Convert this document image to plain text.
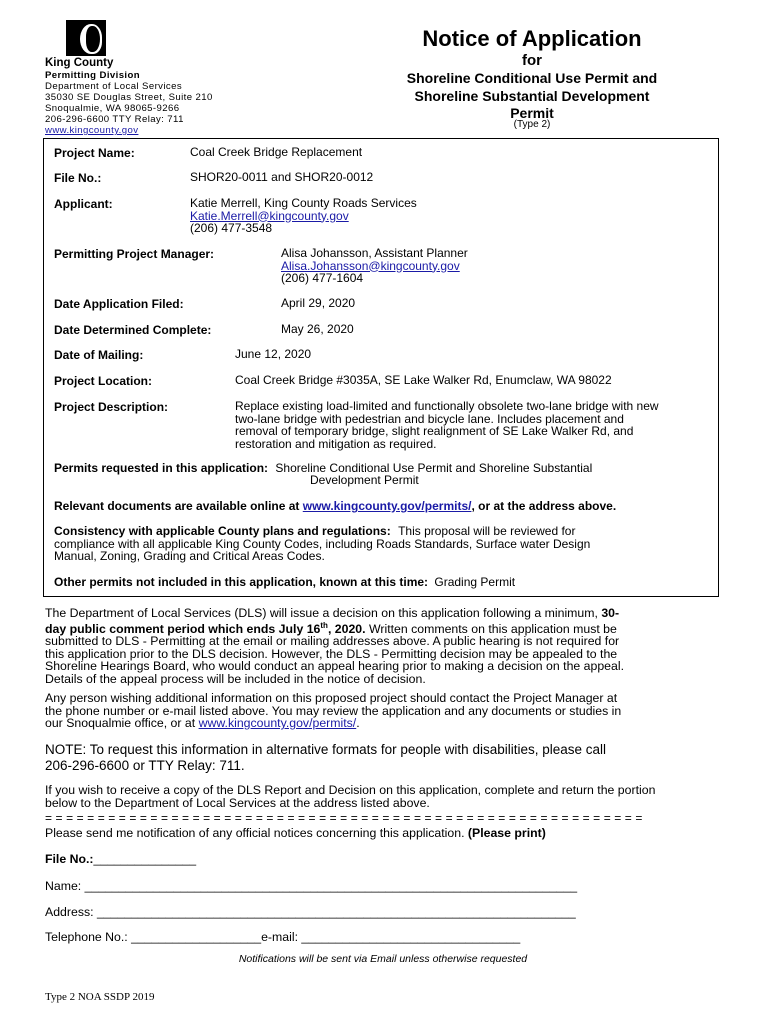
King County
Permitting Division
Department of Local Services
35030 SE Douglas Street, Suite 210
Snoqualmie, WA 98065-9266
206-296-6600 TTY Relay: 711
www.kingcounty.gov
Notice of Application
for
Shoreline Conditional Use Permit and
Shoreline Substantial Development
Permit
(Type 2)
Project Name:	Coal Creek Bridge Replacement
File No.:	SHOR20-0011 and SHOR20-0012
Applicant:	Katie Merrell, King County Roads Services
Katie.Merrell@kingcounty.gov
(206) 477-3548
Permitting Project Manager:	Alisa Johansson, Assistant Planner
Alisa.Johansson@kingcounty.gov
(206) 477-1604
Date Application Filed:	April 29, 2020
Date Determined Complete:	May 26, 2020
Date of Mailing:	June 12, 2020
Project Location:	Coal Creek Bridge #3035A, SE Lake Walker Rd, Enumclaw, WA 98022
Project Description:	Replace existing load-limited and functionally obsolete two-lane bridge with new
two-lane bridge with pedestrian and bicycle lane. Includes placement and
removal of temporary bridge, slight realignment of SE Lake Walker Rd, and
restoration and mitigation as required.
Permits requested in this application: Shoreline Conditional Use Permit and Shoreline Substantial
Development Permit
Relevant documents are available online at www.kingcounty.gov/permits/, or at the address above.
Consistency with applicable County plans and regulations: This proposal will be reviewed for
compliance with all applicable King County Codes, including Roads Standards, Surface water Design
Manual, Zoning, Grading and Critical Areas Codes.
Other permits not included in this application, known at this time: Grading Permit
The Department of Local Services (DLS) will issue a decision on this application following a minimum, 30-
day public comment period which ends July 16th, 2020. Written comments on this application must be
submitted to DLS - Permitting at the email or mailing addresses above. A public hearing is not required for
this application prior to the DLS decision. However, the DLS - Permitting decision may be appealed to the
Shoreline Hearings Board, who would conduct an appeal hearing prior to making a decision on the appeal.
Details of the appeal process will be included in the notice of decision.
Any person wishing additional information on this proposed project should contact the Project Manager at
the phone number or e-mail listed above. You may review the application and any documents or studies in
our Snoqualmie office, or at www.kingcounty.gov/permits/.
NOTE: To request this information in alternative formats for people with disabilities, please call
206-296-6600 or TTY Relay: 711.
If you wish to receive a copy of the DLS Report and Decision on this application, complete and return the portion
below to the Department of Local Services at the address listed above.
= = = = = = = = = = = = = = = = = = = = = = = = = = = = = = = = = = = = = = = = = = = = = = = = = = = = = = = = =
Please send me notification of any official notices concerning this application. (Please print)
File No.:_______________
Name: ________________________________________________________________________
Address: ______________________________________________________________________
Telephone No.: ___________________e-mail: ________________________________
Notifications will be sent via Email unless otherwise requested
Type 2 NOA SSDP 2019
